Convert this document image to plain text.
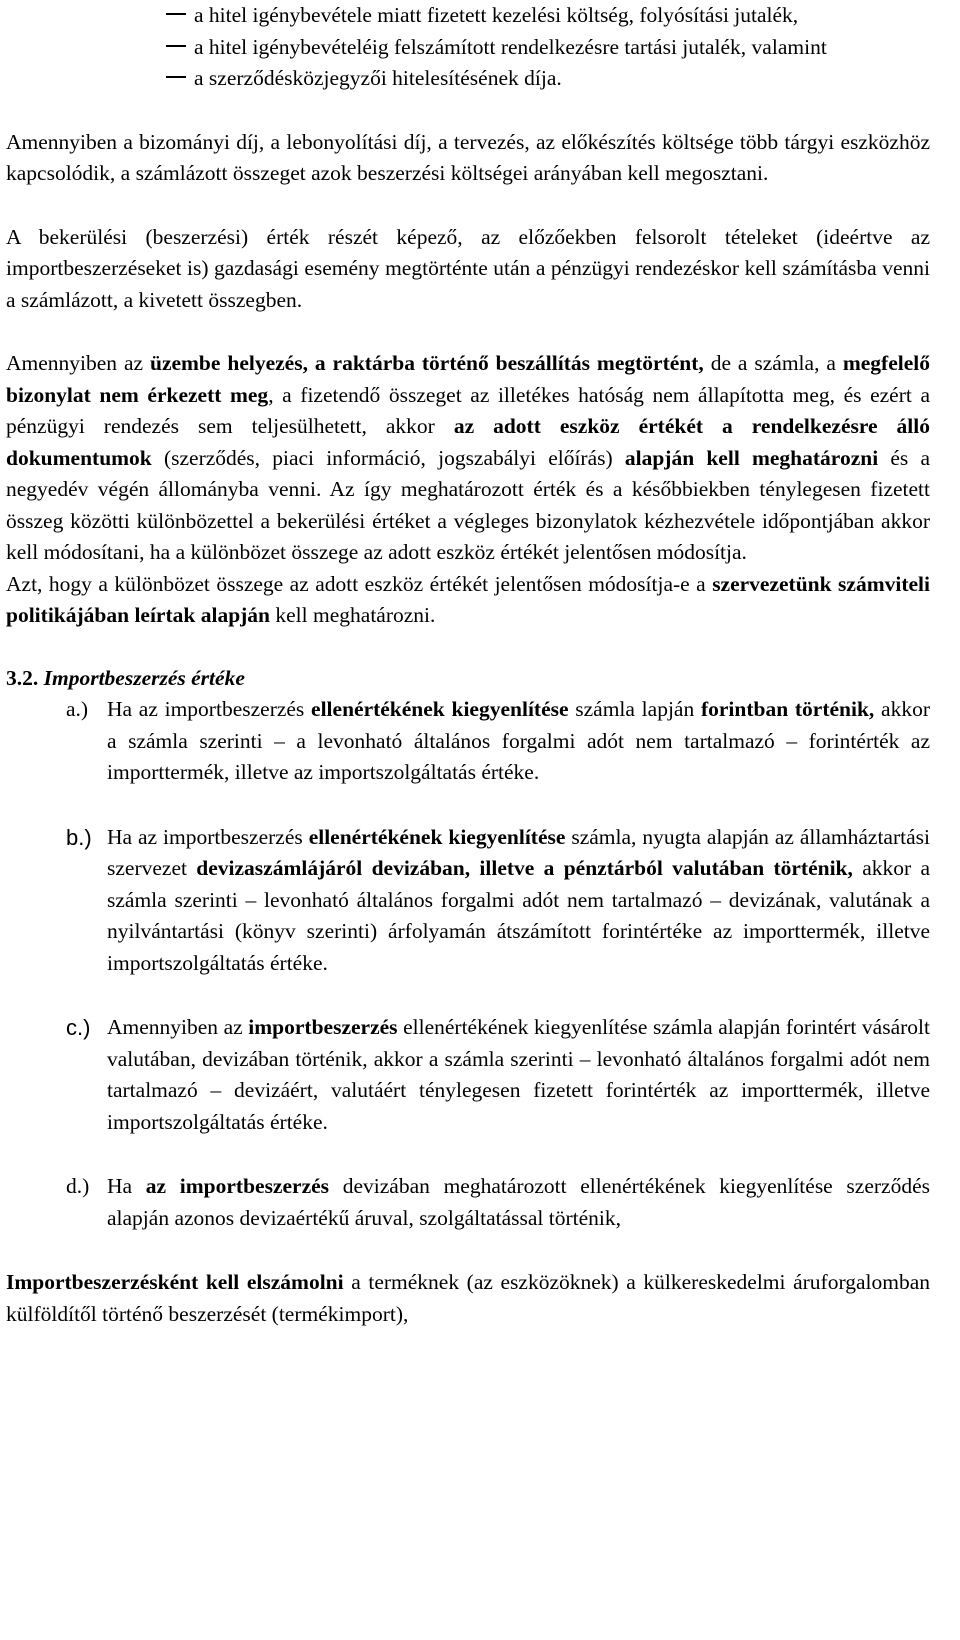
a hitel igénybevétele miatt fizetett kezelési költség, folyósítási jutalék,
a hitel igénybevételéig felszámított rendelkezésre tartási jutalék, valamint
a szerződésközjegyzői hitelesítésének díja.

Amennyiben a bizományi díj, a lebonyolítási díj, a tervezés, az előkészítés költsége több tárgyi eszközhöz kapcsolódik, a számlázott összeget azok beszerzési költségei arányában kell megosztani.

A bekerülési (beszerzési) érték részét képező, az előzőekben felsorolt tételeket (ideértve az importbeszerzéseket is) gazdasági esemény megtörténte után a pénzügyi rendezéskor kell számításba venni a számlázott, a kivetett összegben.

Amennyiben az üzembe helyezés, a raktárba történő beszállítás megtörtént, de a számla, a megfelelő bizonylat nem érkezett meg, a fizetendő összeget az illetékes hatóság nem állapította meg, és ezért a pénzügyi rendezés sem teljesülhetett, akkor az adott eszköz értékét a rendelkezésre álló dokumentumok (szerződés, piaci információ, jogszabályi előírás) alapján kell meghatározni és a negyedév végén állományba venni. Az így meghatározott érték és a későbbiekben ténylegesen fizetett összeg közötti különbözettel a bekerülési értéket a végleges bizonylatok kézhezvétele időpontjában akkor kell módosítani, ha a különbözet összege az adott eszköz értékét jelentősen módosítja.

Azt, hogy a különbözet összege az adott eszköz értékét jelentősen módosítja-e a szervezetünk számviteli politikájában leírtak alapján kell meghatározni.

3.2. Importbeszerzés értéke

a.) Ha az importbeszerzés ellenértékének kiegyenlítése számla lapján forintban történik, akkor a számla szerinti – a levonható általános forgalmi adót nem tartalmazó – forintérték az importtermék, illetve az importszolgáltatás értéke.
b.) Ha az importbeszerzés ellenértékének kiegyenlítése számla, nyugta alapján az államháztartási szervezet devizaszámlájáról devizában, illetve a pénztárból valutában történik, akkor a számla szerinti – levonható általános forgalmi adót nem tartalmazó – devizának, valutának a nyilvántartási (könyv szerinti) árfolyamán átszámított forintértéke az importtermék, illetve importszolgáltatás értéke.
c.) Amennyiben az importbeszerzés ellenértékének kiegyenlítése számla alapján forintért vásárolt valutában, devizában történik, akkor a számla szerinti – levonható általános forgalmi adót nem tartalmazó – devizáért, valutáért ténylegesen fizetett forintérték az importtermék, illetve importszolgáltatás értéke.
d.) Ha az importbeszerzés devizában meghatározott ellenértékének kiegyenlítése szerződés alapján azonos devizaértékű áruval, szolgáltatással történik,

Importbeszerzésként kell elszámolni a terméknek (az eszközöknek) a külkereskedelmi áruforgalomban külföldítől történő beszerzését (termékimport),
